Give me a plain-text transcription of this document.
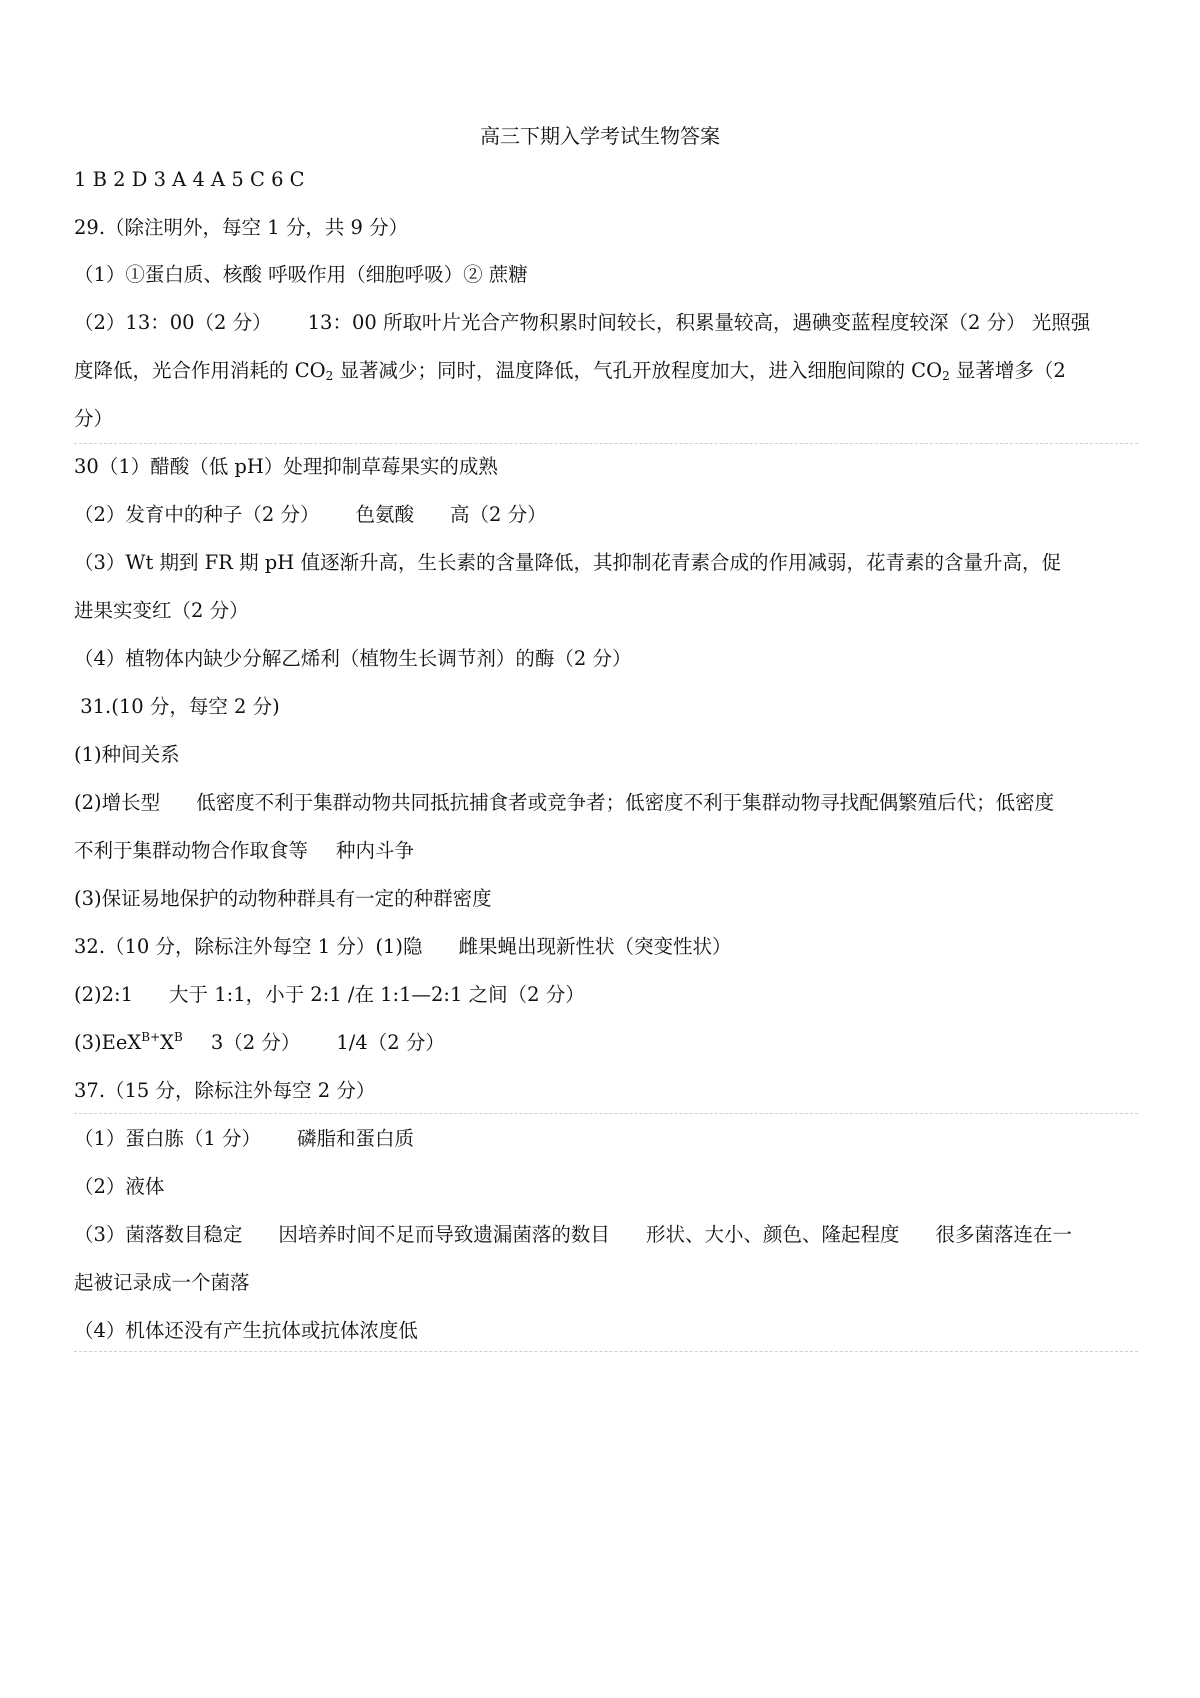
高三下期入学考试生物答案
1 B 2 D 3 A 4 A 5 C 6 C
29.（除注明外，每空 1 分，共 9 分）
（1）①蛋白质、核酸 呼吸作用（细胞呼吸）② 蔗糖
（2）13：00（2 分） 13：00 所取叶片光合产物积累时间较长，积累量较高，遇碘变蓝程度较深（2 分） 光照强
度降低，光合作用消耗的 $CO_2$ 显著减少；同时，温度降低，气孔开放程度加大，进入细胞间隙的 $CO_2$ 显著增多（2
分）
30（1）醋酸（低 pH）处理抑制草莓果实的成熟
（2）发育中的种子（2 分） 色氨酸 高（2 分）
（3）Wt 期到 FR 期 pH 值逐渐升高，生长素的含量降低，其抑制花青素合成的作用减弱，花青素的含量升高，促
进果实变红（2 分）
（4）植物体内缺少分解乙烯利（植物生长调节剂）的酶（2 分）
31.(10 分，每空 2 分)
(1)种间关系
(2)增长型 低密度不利于集群动物共同抵抗捕食者或竞争者；低密度不利于集群动物寻找配偶繁殖后代；低密度
不利于集群动物合作取食等 种内斗争
(3)保证易地保护的动物种群具有一定的种群密度
32.（10 分，除标注外每空 1 分）(1)隐 雌果蝇出现新性状（突变性状）
(2)2:1 大于 1:1，小于 2:1 /在 1:1—2:1 之间（2 分）
$(3)EeX^{B+}X^B$ 3（2 分） 1/4（2 分）
37.（15 分，除标注外每空 2 分）
（1）蛋白胨（1 分） 磷脂和蛋白质
（2）液体
（3）菌落数目稳定 因培养时间不足而导致遗漏菌落的数目 形状、大小、颜色、隆起程度 很多菌落连在一
起被记录成一个菌落
（4）机体还没有产生抗体或抗体浓度低
